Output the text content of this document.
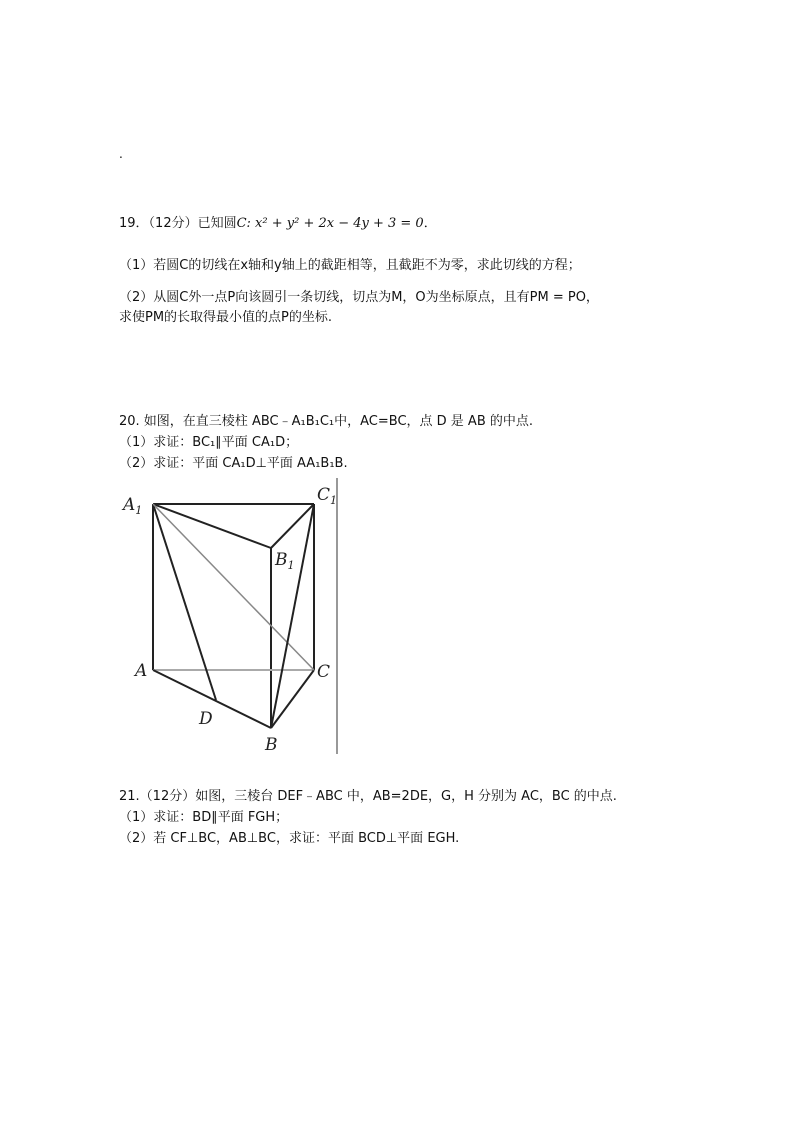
.
19．（12分）已知圆C: x² + y² + 2x − 4y + 3 = 0．
（1）若圆C的切线在x轴和y轴上的截距相等，且截距不为零，求此切线的方程；
（2）从圆C外一点P向该圆引一条切线，切点为M，O为坐标原点，且有PM = PO，
求使PM的长取得最小值的点P的坐标.
20. 如图，在直三棱柱 ABC﹣A₁B₁C₁中，AC=BC，点 D 是 AB 的中点.
（1）求证：BC₁∥平面 CA₁D；
（2）求证：平面 CA₁D⊥平面 AA₁B₁B.
$A_1$
$C_1$
$B_1$
A	C
D
B
21.（12分）如图，三棱台 DEF﹣ABC 中，AB=2DE，G，H 分别为 AC，BC 的中点.
（1）求证：BD∥平面 FGH；
（2）若 CF⊥BC，AB⊥BC，求证：平面 BCD⊥平面 EGH.
